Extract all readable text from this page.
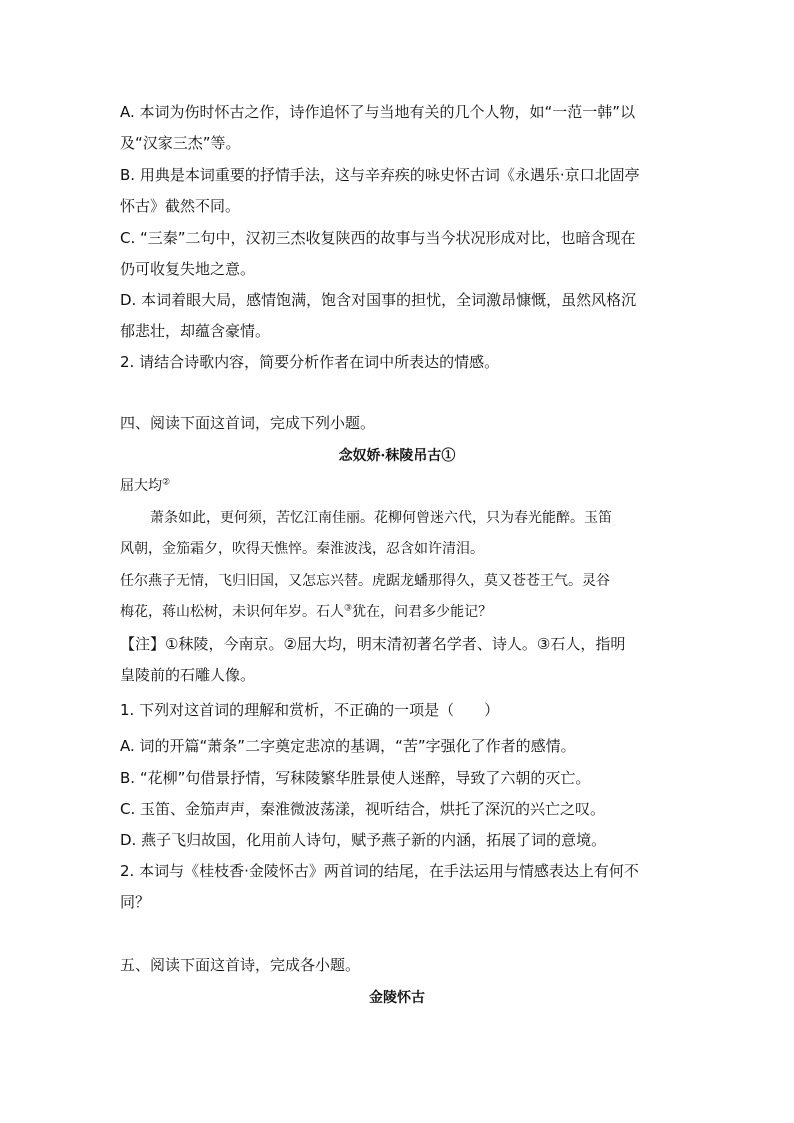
A. 本词为伤时怀古之作，诗作追怀了与当地有关的几个人物，如“一范一韩”以
及“汉家三杰”等。
B. 用典是本词重要的抒情手法，这与辛弃疾的咏史怀古词《永遇乐·京口北固亭
怀古》截然不同。
C. “三秦”二句中，汉初三杰收复陕西的故事与当今状况形成对比，也暗含现在
仍可收复失地之意。
D. 本词着眼大局，感情饱满，饱含对国事的担忧，全词激昂慷慨，虽然风格沉
郁悲壮，却蕴含豪情。
2. 请结合诗歌内容，简要分析作者在词中所表达的情感。
四、阅读下面这首词，完成下列小题。
念奴娇·秣陵吊古①
屈大均②
萧条如此，更何须，苦忆江南佳丽。花柳何曾迷六代，只为春光能醉。玉笛
风朝，金笳霜夕，吹得天憔悴。秦淮波浅，忍含如许清泪。
任尔燕子无情，飞归旧国，又怎忘兴替。虎踞龙蟠那得久，莫又苍苍王气。灵谷
梅花，蒋山松树，未识何年岁。石人③犹在，问君多少能记？
【注】①秣陵，今南京。②屈大均，明末清初著名学者、诗人。③石人，指明
皇陵前的石雕人像。
1. 下列对这首词的理解和赏析，不正确的一项是（　　）
A. 词的开篇“萧条”二字奠定悲凉的基调，“苦”字强化了作者的感情。
B. “花柳”句借景抒情，写秣陵繁华胜景使人迷醉，导致了六朝的灭亡。
C. 玉笛、金笳声声，秦淮微波荡漾，视听结合，烘托了深沉的兴亡之叹。
D. 燕子飞归故国，化用前人诗句，赋予燕子新的内涵，拓展了词的意境。
2. 本词与《桂枝香·金陵怀古》两首词的结尾，在手法运用与情感表达上有何不
同？
五、阅读下面这首诗，完成各小题。
金陵怀古
